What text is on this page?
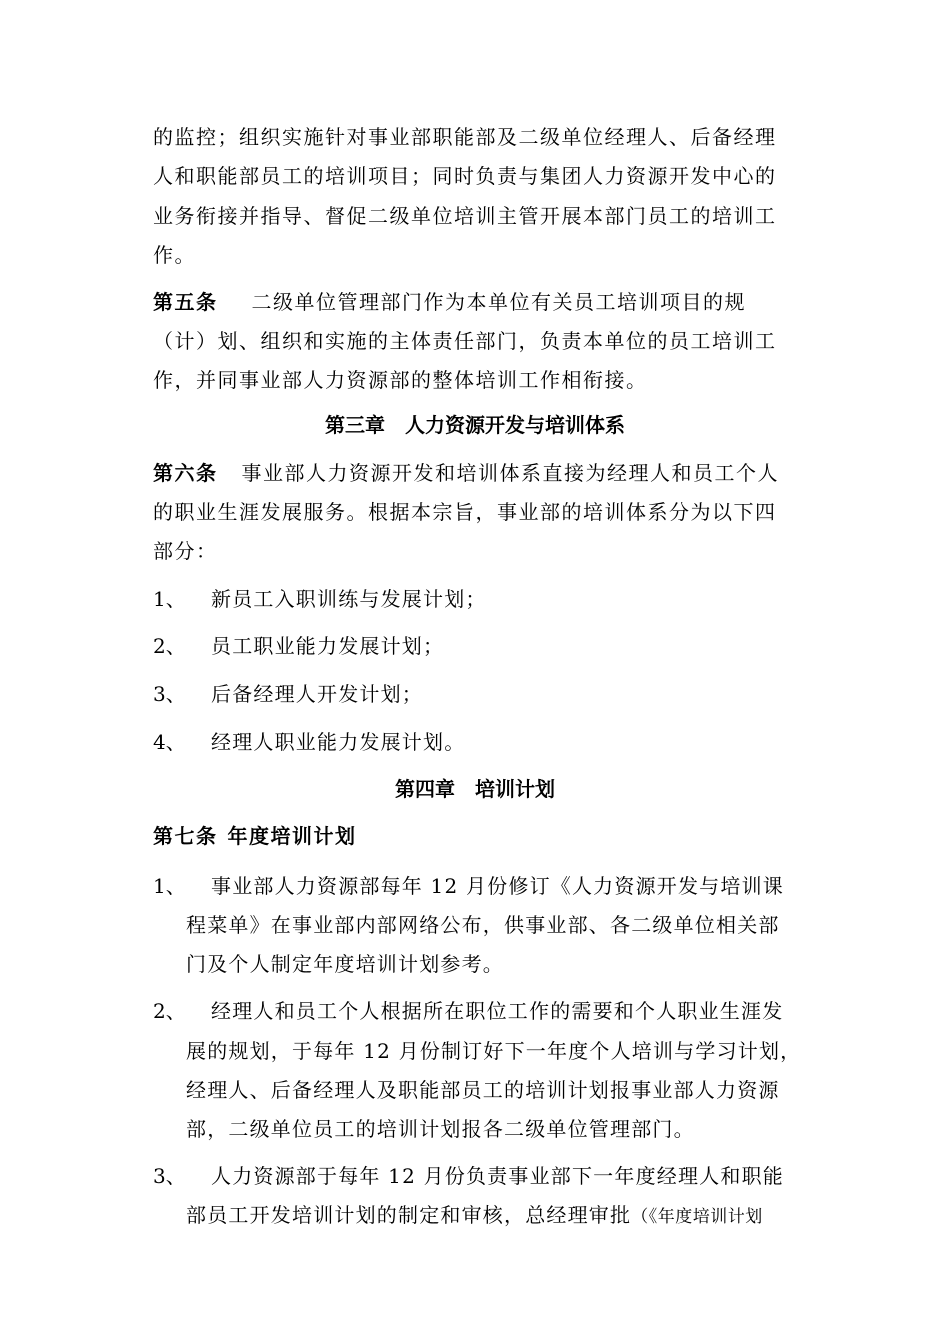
的监控；组织实施针对事业部职能部及二级单位经理人、后备经理
人和职能部员工的培训项目；同时负责与集团人力资源开发中心的
业务衔接并指导、督促二级单位培训主管开展本部门员工的培训工
作。
第五条 二级单位管理部门作为本单位有关员工培训项目的规
（计）划、组织和实施的主体责任部门，负责本单位的员工培训工
作，并同事业部人力资源部的整体培训工作相衔接。
第三章　人力资源开发与培训体系
第六条 事业部人力资源开发和培训体系直接为经理人和员工个人
的职业生涯发展服务。根据本宗旨，事业部的培训体系分为以下四
部分：
1、 新员工入职训练与发展计划；
2、 员工职业能力发展计划；
3、 后备经理人开发计划；
4、 经理人职业能力发展计划。
第四章　培训计划
第七条 年度培训计划
1、 事业部人力资源部每年 12 月份修订《人力资源开发与培训课
程菜单》在事业部内部网络公布，供事业部、各二级单位相关部
门及个人制定年度培训计划参考。
2、 经理人和员工个人根据所在职位工作的需要和个人职业生涯发
展的规划，于每年 12 月份制订好下一年度个人培训与学习计划，
经理人、后备经理人及职能部员工的培训计划报事业部人力资源
部，二级单位员工的培训计划报各二级单位管理部门。
3、 人力资源部于每年 12 月份负责事业部下一年度经理人和职能
部员工开发培训计划的制定和审核，总经理审批（《年度培训计划
